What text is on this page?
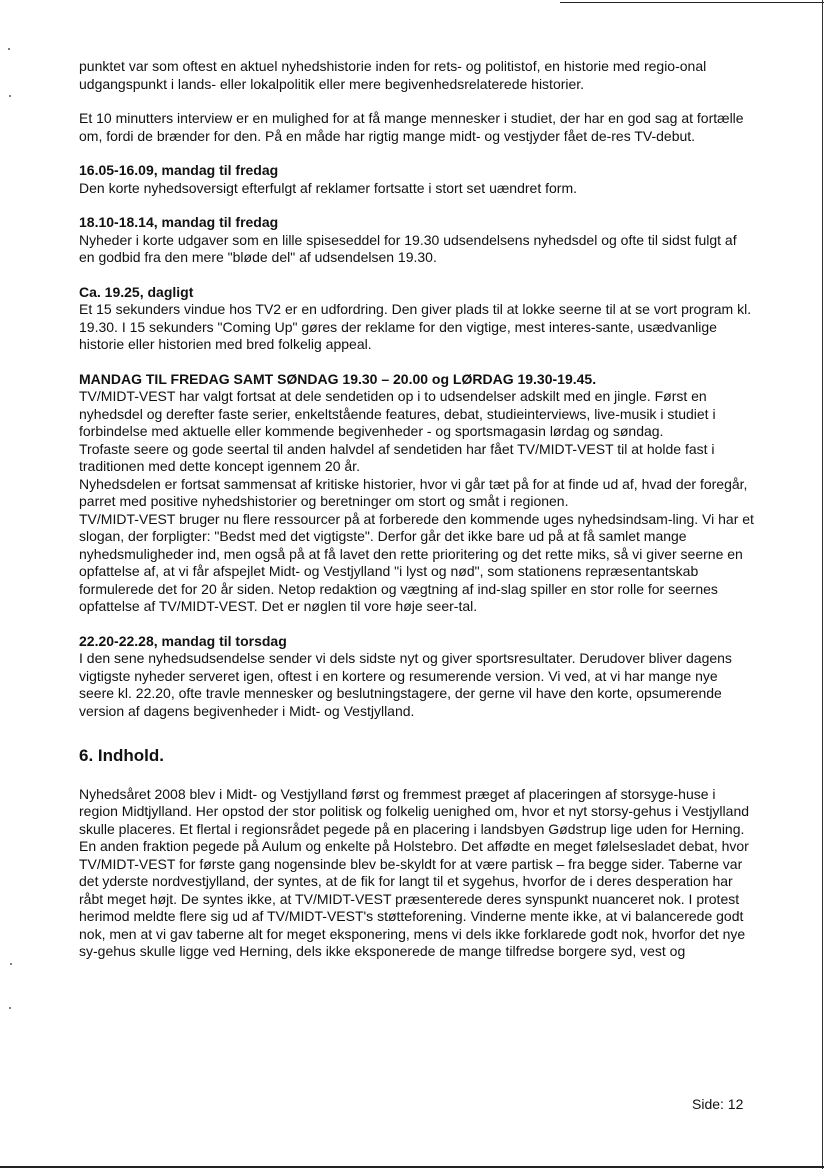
punktet var som oftest en aktuel nyhedshistorie inden for rets- og politistof, en historie med regio-onal udgangspunkt i lands- eller lokalpolitik eller mere begivenhedsrelaterede historier.

Et 10 minutters interview er en mulighed for at få mange mennesker i studiet, der har en god sag at fortælle om, fordi de brænder for den. På en måde har rigtig mange midt- og vestjyder fået de-res TV-debut.

16.05-16.09, mandag til fredag
Den korte nyhedsoversigt efterfulgt af reklamer fortsatte i stort set uændret form.
18.10-18.14, mandag til fredag
Nyheder i korte udgaver som en lille spiseseddel for 19.30 udsendelsens nyhedsdel og ofte til sidst fulgt af en godbid fra den mere "bløde del" af udsendelsen 19.30.
Ca. 19.25, dagligt
Et 15 sekunders vindue hos TV2 er en udfordring. Den giver plads til at lokke seerne til at se vort program kl. 19.30. I 15 sekunders "Coming Up" gøres der reklame for den vigtige, mest interes-sante, usædvanlige historie eller historien med bred folkelig appeal.
MANDAG TIL FREDAG SAMT SØNDAG 19.30 – 20.00 og LØRDAG 19.30-19.45.
TV/MIDT-VEST har valgt fortsat at dele sendetiden op i to udsendelser adskilt med en jingle. Først en nyhedsdel og derefter faste serier, enkeltstående features, debat, studieinterviews, live-musik i studiet i forbindelse med aktuelle eller kommende begivenheder - og sportsmagasin lørdag og søndag.
Trofaste seere og gode seertal til anden halvdel af sendetiden har fået TV/MIDT-VEST til at holde fast i traditionen med dette koncept igennem 20 år.
Nyhedsdelen er fortsat sammensat af kritiske historier, hvor vi går tæt på for at finde ud af, hvad der foregår, parret med positive nyhedshistorier og beretninger om stort og småt i regionen.
TV/MIDT-VEST bruger nu flere ressourcer på at forberede den kommende uges nyhedsindsam-ling. Vi har et slogan, der forpligter: "Bedst med det vigtigste". Derfor går det ikke bare ud på at få samlet mange nyhedsmuligheder ind, men også på at få lavet den rette prioritering og det rette miks, så vi giver seerne en opfattelse af, at vi får afspejlet Midt- og Vestjylland "i lyst og nød", som stationens repræsentantskab formulerede det for 20 år siden. Netop redaktion og vægtning af ind-slag spiller en stor rolle for seernes opfattelse af TV/MIDT-VEST. Det er nøglen til vore høje seer-tal.
22.20-22.28, mandag til torsdag
I den sene nyhedsudsendelse sender vi dels sidste nyt og giver sportsresultater. Derudover bliver dagens vigtigste nyheder serveret igen, oftest i en kortere og resumerende version. Vi ved, at vi har mange nye seere kl. 22.20, ofte travle mennesker og beslutningstagere, der gerne vil have den korte, opsumerende version af dagens begivenheder i Midt- og Vestjylland.
6. Indhold.
Nyhedsåret 2008 blev i Midt- og Vestjylland først og fremmest præget af placeringen af storsyge-huse i region Midtjylland. Her opstod der stor politisk og folkelig uenighed om, hvor et nyt storsy-gehus i Vestjylland skulle placeres. Et flertal i regionsrådet pegede på en placering i landsbyen Gødstrup lige uden for Herning. En anden fraktion pegede på Aulum og enkelte på Holstebro. Det affødte en meget følelsesladet debat, hvor TV/MIDT-VEST for første gang nogensinde blev be-skyldt for at være partisk – fra begge sider. Taberne var det yderste nordvestjylland, der syntes, at de fik for langt til et sygehus, hvorfor de i deres desperation har råbt meget højt. De syntes ikke, at TV/MIDT-VEST præsenterede deres synspunkt nuanceret nok. I protest herimod meldte flere sig ud af TV/MIDT-VEST's støtteforening. Vinderne mente ikke, at vi balancerede godt nok, men at vi gav taberne alt for meget eksponering, mens vi dels ikke forklarede godt nok, hvorfor det nye sy-gehus skulle ligge ved Herning, dels ikke eksponerede de mange tilfredse borgere syd, vest og
Side: 12
